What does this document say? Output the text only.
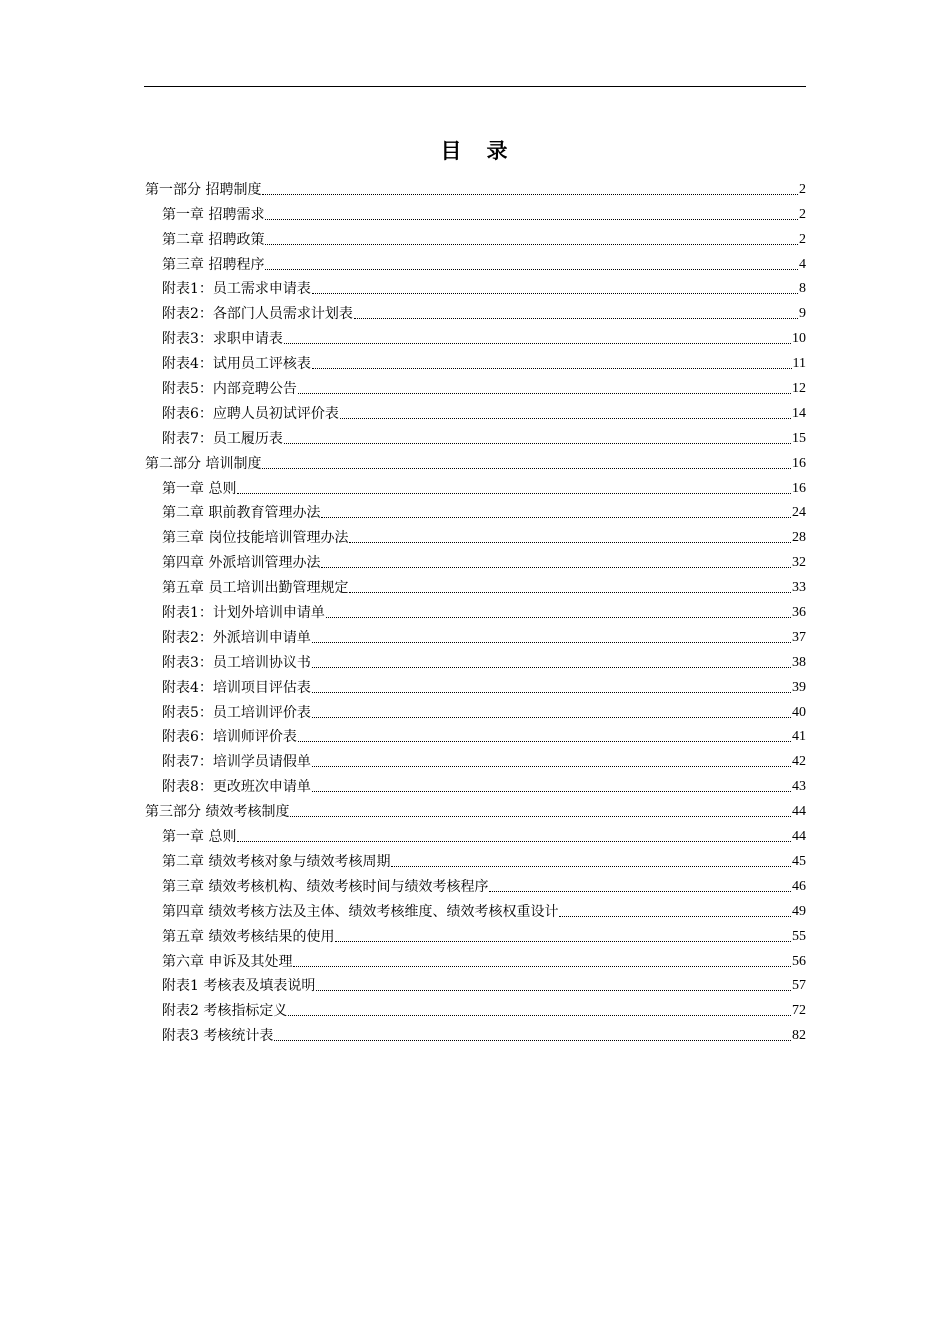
目　录
第一部分 招聘制度	2
第一章 招聘需求	2
第二章 招聘政策	2
第三章 招聘程序	4
附表1：员工需求申请表	8
附表2：各部门人员需求计划表	9
附表3：求职申请表	10
附表4：试用员工评核表	11
附表5：内部竞聘公告	12
附表6：应聘人员初试评价表	14
附表7：员工履历表	15
第二部分 培训制度	16
第一章 总则	16
第二章 职前教育管理办法	24
第三章 岗位技能培训管理办法	28
第四章 外派培训管理办法	32
第五章 员工培训出勤管理规定	33
附表1：计划外培训申请单	36
附表2：外派培训申请单	37
附表3：员工培训协议书	38
附表4：培训项目评估表	39
附表5：员工培训评价表	40
附表6：培训师评价表	41
附表7：培训学员请假单	42
附表8：更改班次申请单	43
第三部分 绩效考核制度	44
第一章 总则	44
第二章 绩效考核对象与绩效考核周期	45
第三章 绩效考核机构、绩效考核时间与绩效考核程序	46
第四章 绩效考核方法及主体、绩效考核维度、绩效考核权重设计	49
第五章 绩效考核结果的使用	55
第六章 申诉及其处理	56
附表1 考核表及填表说明	57
附表2 考核指标定义	72
附表3 考核统计表	82
